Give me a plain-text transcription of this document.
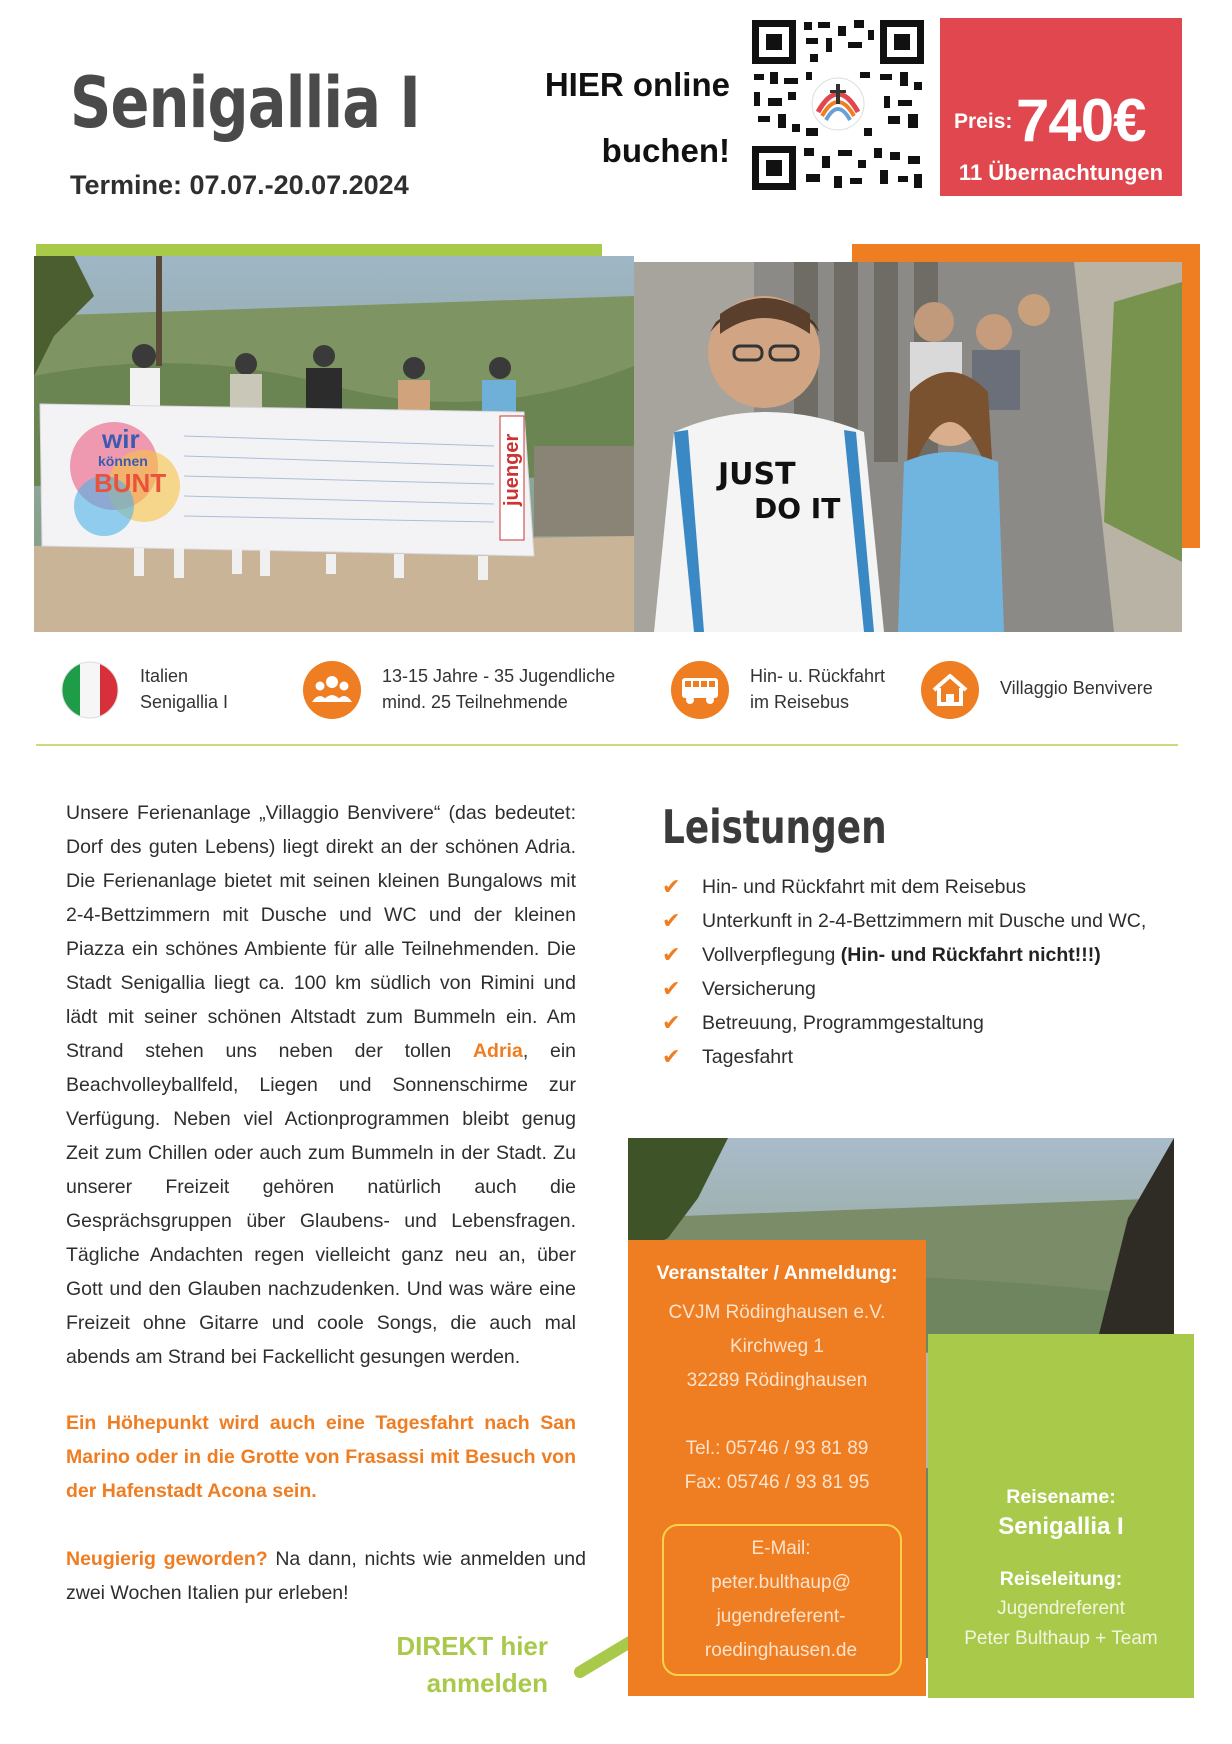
Senigallia I
Termine: 07.07.-20.07.2024
HIER online
buchen!
Preis: 740€
11 Übernachtungen
wir
können
BUNT	juenger	JUST
DO IT
Italien
Senigallia I
13-15 Jahre - 35 Jugendliche
mind. 25 Teilnehmende
Hin- u. Rückfahrt
im Reisebus
Villaggio Benvivere
Unsere Ferienanlage „Villaggio Benvivere“ (das bedeutet: Dorf des guten Lebens) liegt direkt an der schönen Adria. Die Ferienanlage bietet mit seinen kleinen Bungalows mit 2-4-Bettzimmern mit Dusche und WC und der kleinen Piazza ein schönes Ambiente für alle Teilnehmenden. Die Stadt Senigallia liegt ca. 100 km südlich von Rimini und lädt mit seiner schönen Altstadt zum Bummeln ein. Am Strand stehen uns neben der tollen Adria, ein Beachvolleyballfeld, Liegen und Sonnenschirme zur Verfügung. Neben viel Actionprogrammen bleibt genug Zeit zum Chillen oder auch zum Bummeln in der Stadt. Zu unserer Freizeit gehören natürlich auch die Gesprächsgruppen über Glaubens- und Lebensfragen. Tägliche Andachten regen vielleicht ganz neu an, über Gott und den Glauben nachzudenken. Und was wäre eine Freizeit ohne Gitarre und coole Songs, die auch mal abends am Strand bei Fackellicht gesungen werden.
Ein Höhepunkt wird auch eine Tagesfahrt nach San Marino oder in die Grotte von Frasassi mit Besuch von der Hafenstadt Acona sein.
Neugierig geworden? Na dann, nichts wie anmelden und zwei Wochen Italien pur erleben!
DIREKT hier
anmelden
Leistungen
✔ Hin- und Rückfahrt mit dem Reisebus
✔ Unterkunft in 2-4-Bettzimmern mit Dusche und WC,
✔ Vollverpflegung (Hin- und Rückfahrt nicht!!!)
✔ Versicherung
✔ Betreuung, Programmgestaltung
✔ Tagesfahrt
Veranstalter / Anmeldung:
CVJM Rödinghausen e.V.
Kirchweg 1
32289 Rödinghausen
Tel.: 05746 / 93 81 89
Fax: 05746 / 93 81 95
E-Mail:
peter.bulthaup@
jugendreferent-
roedinghausen.de
Reisename:
Senigallia I
Reiseleitung:
Jugendreferent
Peter Bulthaup + Team
